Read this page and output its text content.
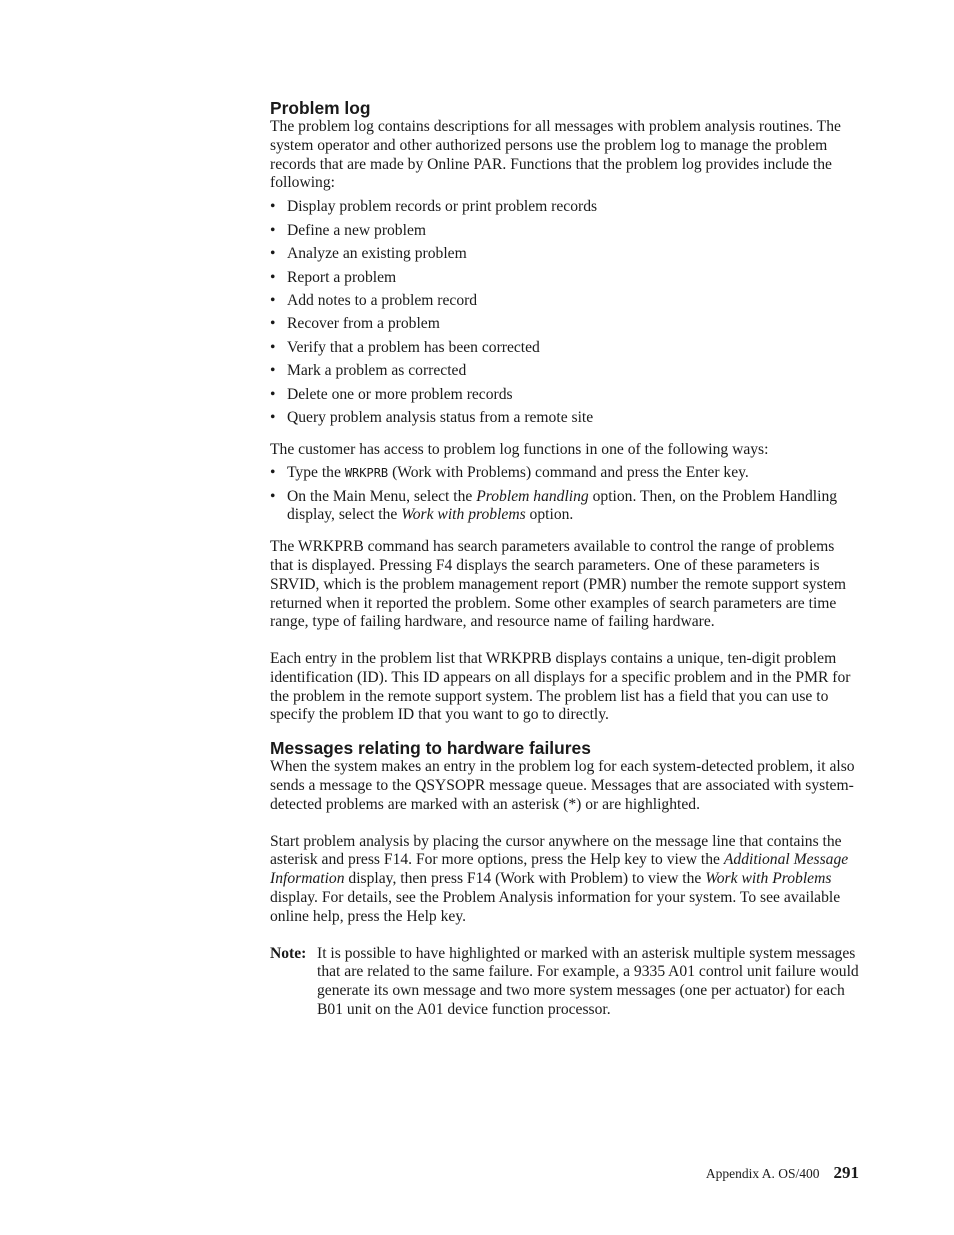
Problem log

The problem log contains descriptions for all messages with problem analysis routines. The system operator and other authorized persons use the problem log to manage the problem records that are made by Online PAR. Functions that the problem log provides include the following:

• Display problem records or print problem records
• Define a new problem
• Analyze an existing problem
• Report a problem
• Add notes to a problem record
• Recover from a problem
• Verify that a problem has been corrected
• Mark a problem as corrected
• Delete one or more problem records
• Query problem analysis status from a remote site

The customer has access to problem log functions in one of the following ways:

• Type the WRKPRB (Work with Problems) command and press the Enter key.
• On the Main Menu, select the Problem handling option. Then, on the Problem Handling display, select the Work with problems option.

The WRKPRB command has search parameters available to control the range of problems that is displayed. Pressing F4 displays the search parameters. One of these parameters is SRVID, which is the problem management report (PMR) number the remote support system returned when it reported the problem. Some other examples of search parameters are time range, type of failing hardware, and resource name of failing hardware.

Each entry in the problem list that WRKPRB displays contains a unique, ten-digit problem identification (ID). This ID appears on all displays for a specific problem and in the PMR for the problem in the remote support system. The problem list has a field that you can use to specify the problem ID that you want to go to directly.

Messages relating to hardware failures

When the system makes an entry in the problem log for each system-detected problem, it also sends a message to the QSYSOPR message queue. Messages that are associated with system-detected problems are marked with an asterisk (*) or are highlighted.

Start problem analysis by placing the cursor anywhere on the message line that contains the asterisk and press F14. For more options, press the Help key to view the Additional Message Information display, then press F14 (Work with Problem) to view the Work with Problems display. For details, see the Problem Analysis information for your system. To see available online help, press the Help key.

Note: It is possible to have highlighted or marked with an asterisk multiple system messages that are related to the same failure. For example, a 9335 A01 control unit failure would generate its own message and two more system messages (one per actuator) for each B01 unit on the A01 device function processor.
Appendix A. OS/400 291
